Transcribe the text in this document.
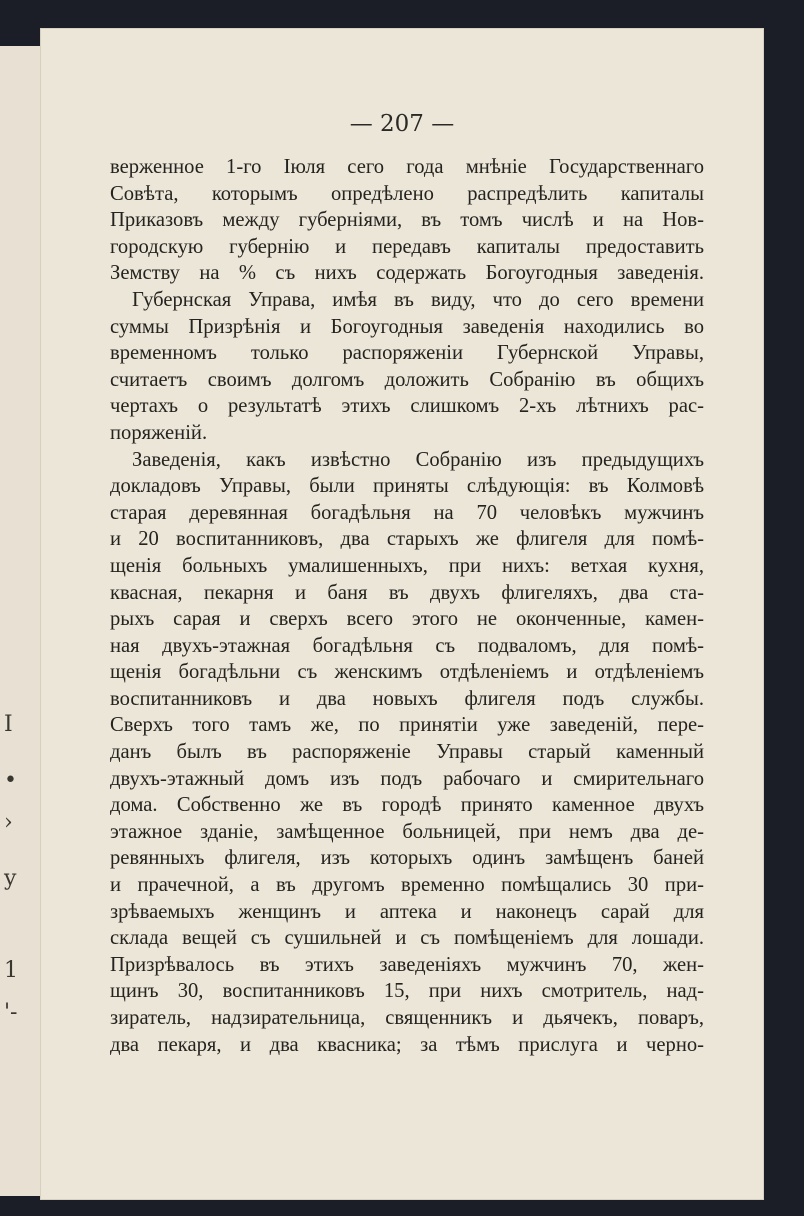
I
•
›
y
1
'-
— 207 —
верженное 1-го Іюля сего года мнѣніе Государственнаго
Совѣта, которымъ опредѣлено распредѣлить капиталы
Приказовъ между губерніями, въ томъ числѣ и на Нов-
городскую губернію и передавъ капиталы предоставить
Земству на % съ нихъ содержать Богоугодныя заведенія.
Губернская Управа, имѣя въ виду, что до сего времени
суммы Призрѣнія и Богоугодныя заведенія находились во
временномъ только распоряженіи Губернской Управы,
считаетъ своимъ долгомъ доложить Собранію въ общихъ
чертахъ о результатѣ этихъ слишкомъ 2-хъ лѣтнихъ рас-
поряженій.
Заведенія, какъ извѣстно Собранію изъ предыдущихъ
докладовъ Управы, были приняты слѣдующія: въ Колмовѣ
старая деревянная богадѣльня на 70 человѣкъ мужчинъ
и 20 воспитанниковъ, два старыхъ же флигеля для помѣ-
щенія больныхъ умалишенныхъ, при нихъ: ветхая кухня,
квасная, пекарня и баня въ двухъ флигеляхъ, два ста-
рыхъ сарая и сверхъ всего этого не оконченные, камен-
ная двухъ-этажная богадѣльня съ подваломъ, для помѣ-
щенія богадѣльни съ женскимъ отдѣленіемъ и отдѣленіемъ
воспитанниковъ и два новыхъ флигеля подъ службы.
Сверхъ того тамъ же, по принятіи уже заведеній, пере-
данъ былъ въ распоряженіе Управы старый каменный
двухъ-этажный домъ изъ подъ рабочаго и смирительнаго
дома. Собственно же въ городѣ принято каменное двухъ
этажное зданіе, замѣщенное больницей, при немъ два де-
ревянныхъ флигеля, изъ которыхъ одинъ замѣщенъ баней
и прачечной, а въ другомъ временно помѣщались 30 при-
зрѣваемыхъ женщинъ и аптека и наконецъ сарай для
склада вещей съ сушильней и съ помѣщеніемъ для лошади.
Призрѣвалось въ этихъ заведеніяхъ мужчинъ 70, жен-
щинъ 30, воспитанниковъ 15, при нихъ смотритель, над-
зиратель, надзирательница, священникъ и дьячекъ, поваръ,
два пекаря, и два квасника; за тѣмъ прислуга и черно-
